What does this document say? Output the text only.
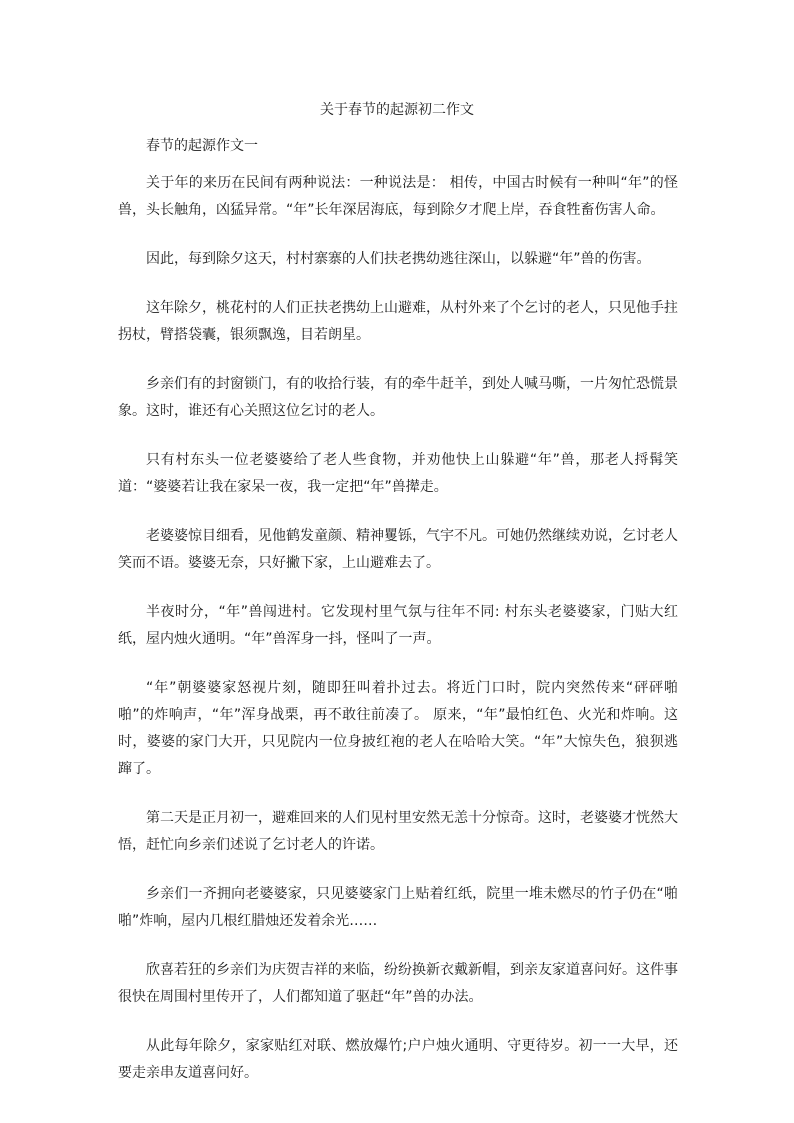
关于春节的起源初二作文
春节的起源作文一

关于年的来历在民间有两种说法：一种说法是： 相传，中国古时候有一种叫“年”的怪兽，头长触角，凶猛异常。“年”长年深居海底，每到除夕才爬上岸，吞食牲畜伤害人命。

因此，每到除夕这天，村村寨寨的人们扶老携幼逃往深山，以躲避“年”兽的伤害。

这年除夕，桃花村的人们正扶老携幼上山避难，从村外来了个乞讨的老人，只见他手拄拐杖，臂搭袋囊，银须飘逸，目若朗星。

乡亲们有的封窗锁门，有的收拾行装，有的牵牛赶羊，到处人喊马嘶，一片匆忙恐慌景象。这时，谁还有心关照这位乞讨的老人。

只有村东头一位老婆婆给了老人些食物，并劝他快上山躲避“年”兽，那老人捋髯笑道：“婆婆若让我在家呆一夜，我一定把“年”兽撵走。

老婆婆惊目细看，见他鹤发童颜、精神矍铄，气宇不凡。可她仍然继续劝说，乞讨老人笑而不语。婆婆无奈，只好撇下家，上山避难去了。

半夜时分，“年”兽闯进村。它发现村里气氛与往年不同: 村东头老婆婆家，门贴大红纸，屋内烛火通明。“年”兽浑身一抖，怪叫了一声。

“年”朝婆婆家怒视片刻，随即狂叫着扑过去。将近门口时，院内突然传来“砰砰啪啪”的炸响声，“年”浑身战栗，再不敢往前凑了。 原来，“年”最怕红色、火光和炸响。这时，婆婆的家门大开，只见院内一位身披红袍的老人在哈哈大笑。“年”大惊失色，狼狈逃蹿了。

第二天是正月初一，避难回来的人们见村里安然无恙十分惊奇。这时，老婆婆才恍然大悟，赶忙向乡亲们述说了乞讨老人的许诺。

乡亲们一齐拥向老婆婆家，只见婆婆家门上贴着红纸，院里一堆未燃尽的竹子仍在“啪啪”炸响，屋内几根红腊烛还发着余光……

欣喜若狂的乡亲们为庆贺吉祥的来临，纷纷换新衣戴新帽，到亲友家道喜问好。这件事很快在周围村里传开了，人们都知道了驱赶“年”兽的办法。

从此每年除夕，家家贴红对联、燃放爆竹;户户烛火通明、守更待岁。初一一大早，还要走亲串友道喜问好。
